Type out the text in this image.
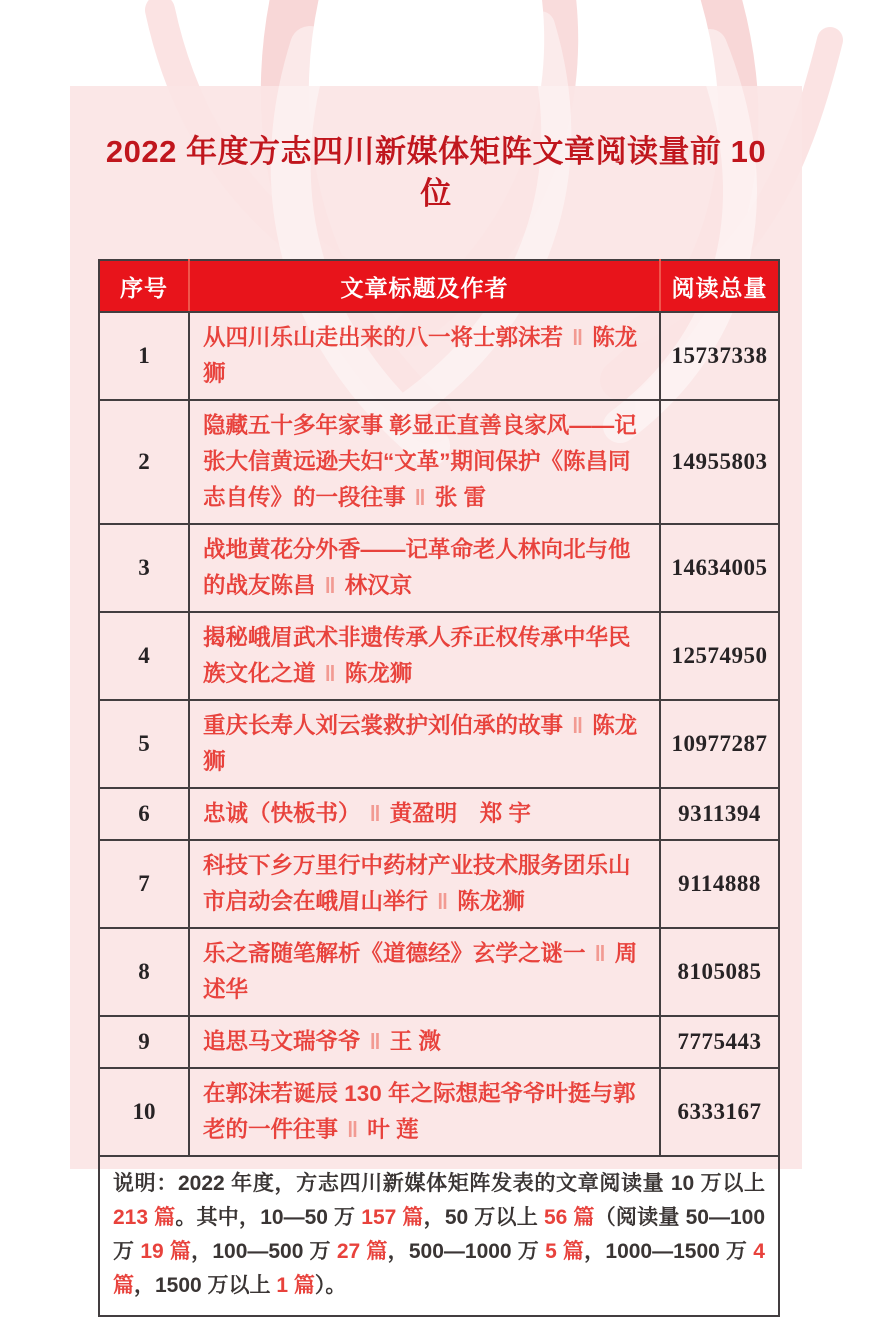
2022 年度方志四川新媒体矩阵文章阅读量前 10 位
序号	文章标题及作者	阅读总量
1	从四川乐山走出来的八一将士郭沫若 ‖ 陈龙狮	15737338
2	隐藏五十多年家事 彰显正直善良家风——记张大信黄远逊夫妇“文革”期间保护《陈昌同志自传》的一段往事 ‖ 张 雷	14955803
3	战地黄花分外香——记革命老人林向北与他的战友陈昌 ‖ 林汉京	14634005
4	揭秘峨眉武术非遗传承人乔正权传承中华民族文化之道 ‖ 陈龙狮	12574950
5	重庆长寿人刘云裳救护刘伯承的故事 ‖ 陈龙狮	10977287
6	忠诚（快板书） ‖ 黄盈明　郑 宇	9311394
7	科技下乡万里行中药材产业技术服务团乐山市启动会在峨眉山举行 ‖ 陈龙狮	9114888
8	乐之斋随笔解析《道德经》玄学之谜一 ‖ 周述华	8105085
9	追思马文瑞爷爷 ‖ 王 溦	7775443
10	在郭沫若诞辰 130 年之际想起爷爷叶挺与郭老的一件往事 ‖ 叶 莲	6333167
说明：2022 年度，方志四川新媒体矩阵发表的文章阅读量 10 万以上 213 篇。其中，10—50 万 157 篇，50 万以上 56 篇（阅读量 50—100 万 19 篇，100—500 万 27 篇，500—1000 万 5 篇，1000—1500 万 4 篇，1500 万以上 1 篇）。		
